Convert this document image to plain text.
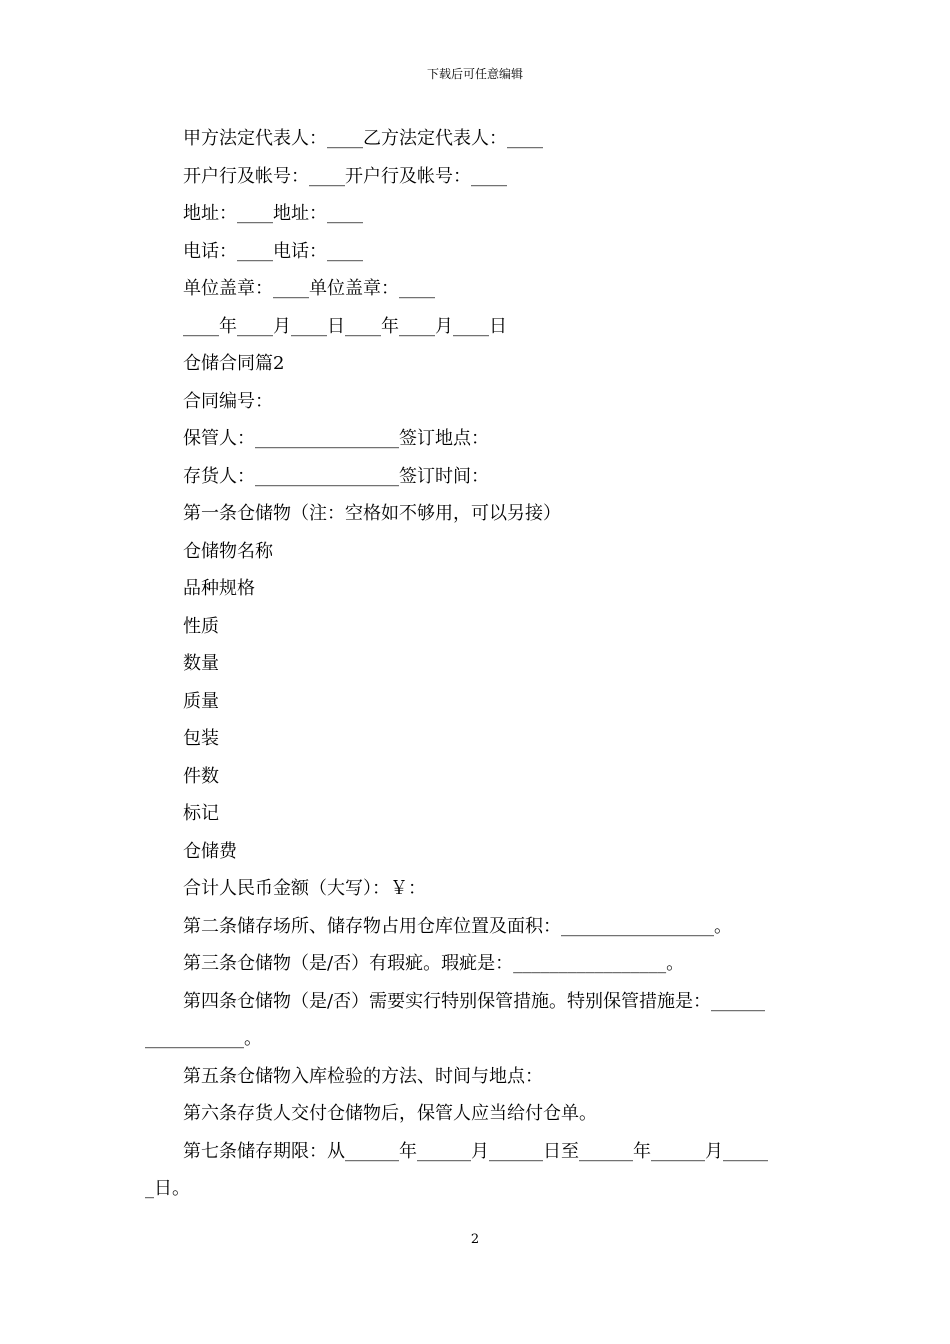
下载后可任意编辑
甲方法定代表人：____乙方法定代表人：____
开户行及帐号：____开户行及帐号：____
地址：____地址：____
电话：____电话：____
单位盖章：____单位盖章：____
____年____月____日____年____月____日
仓储合同篇2
合同编号：
保管人：________________签订地点：
存货人：________________签订时间：
第一条仓储物（注：空格如不够用，可以另接）
仓储物名称
品种规格
性质
数量
质量
包装
件数
标记
仓储费
合计人民币金额（大写）：￥：
第二条储存场所、储存物占用仓库位置及面积：_________________。
第三条仓储物（是/否）有瑕疵。瑕疵是：_________________。
第四条仓储物（是/否）需要实行特别保管措施。特别保管措施是：______
___________。
第五条仓储物入库检验的方法、时间与地点：
第六条存货人交付仓储物后，保管人应当给付仓单。
第七条储存期限：从______年______月______日至______年______月_____
_日。
2
